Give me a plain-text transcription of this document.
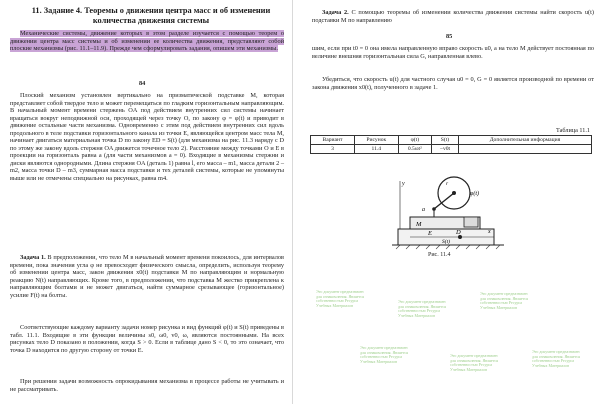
11. Задание 4. Теоремы о движении центра масс и об изменении количества движения системы

Механические системы, движение которых в этом разделе изучается с помощью теорем о движении центра масс системы и об изменении ее количества движения, представляют собой плоские механизмы (рис. 11.1–11.9). Прежде чем сформулировать задания, опишем эти механизмы.

84

Плоский механизм установлен вертикально на призматической подставке M, которая представляет собой твердое тело и может перемещаться по гладким горизонтальным направляющим. В начальный момент времени стержень OA под действием внутренних сил системы начинает вращаться вокруг неподвижной оси, проходящей через точку O, по закону φ = φ(t) и приводит в движение остальные части механизма. Одновременно с этим под действием внутренних сил вдоль продольного в теле подставки горизонтального канала из точки E, являющейся центром масс тела M, начинает двигаться материальная точка D по закону ED = S(t) (для механизма на рис. 11.3 наряду с D по этому же закону вдоль стержня OA движется точечное тело 2). Расстояние между точками O и E в проекции на горизонталь равна a (для части механизмов a = 0). Входящие в механизмы стержни и диски являются однородными. Длина стержня OA (деталь 1) равна l, его масса – m1, масса детали 2 – m2, масса точки D – m3, суммарная масса подставки и тех деталей системы, которые не упомянуты выше или не отмечены специально на рисунках, равна m4.

Задача 1. В предположении, что тело M в начальный момент времени покоилось, для интервалов времени, пока значения угла φ не превосходят физического смысла, определить, используя теорему об изменении центра масс, закон движения x0(t) подставки M по направляющим и нормальную реакцию N(t) направляющих. Кроме того, в предположении, что подставка M жестко прикреплена к направляющим болтами и не может двигаться, найти суммарное срезывающее (горизонтальное) усилие F(t) на болты.

Соответствующие каждому варианту задачи номер рисунка и вид функций φ(t) и S(t) приведены в табл. 11.1. Входящие в эти функции величины s0, ω0, v0, ω, являются постоянными. На всех рисунках тело D показано в положении, когда S > 0. Если в таблице дано S < 0, то это означает, что точка D находится по другую сторону от точки E.

При решении задачи возможность опрокидывания механизма в процессе работы не учитывать и не рассматривать.

Задача 2. С помощью теоремы об изменении количества движения системы найти скорость u(t) подставки M по направлению

85

шим, если при t0 = 0 она имела направленную вправо скорость u0, а на тело M действует постоянная по величине внешняя горизонтальная сила G, направленная влево.

Убедиться, что скорость u(t) для частного случая u0 = 0, G = 0 является производной по времени от закона движения x0(t), полученного в задаче 1.

Таблица 11.1
Вариант	Рисунок	φ(t)	S(t)	Дополнительная информация
3	11.4	0.5ωt²	−v0t	
y
x
a
φ(t)
M
E	D
S(t)
r
Рис. 11.4
Это документ предназначен для ознакомления. Является собственностью Ресурса Учебных Материалов
Это документ предназначен для ознакомления. Является собственностью Ресурса Учебных Материалов
Это документ предназначен для ознакомления. Является собственностью Ресурса Учебных Материалов
Это документ предназначен для ознакомления. Является собственностью Ресурса Учебных Материалов
Это документ предназначен для ознакомления. Является собственностью Ресурса Учебных Материалов
Это документ предназначен для ознакомления. Является собственностью Ресурса Учебных Материалов
